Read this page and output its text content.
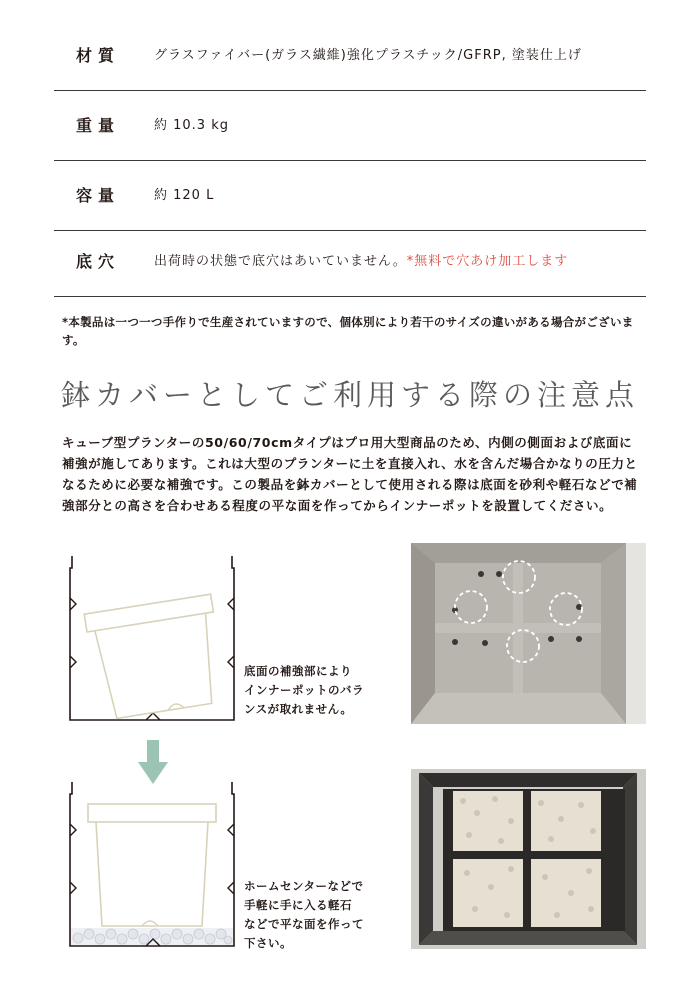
材質	グラスファイバー(ガラス繊維)強化プラスチック/GFRP, 塗装仕上げ
重量	約 10.3 kg
容量	約 120 L
底穴	出荷時の状態で底穴はあいていません。*無料で穴あけ加工します
*本製品は一つ一つ手作りで生産されていますので、個体別により若干のサイズの違いがある場合がございます。
鉢カバーとしてご利用する際の注意点
キューブ型プランターの50/60/70cmタイプはプロ用大型商品のため、内側の側面および底面に補強が施してあります。これは大型のプランターに土を直接入れ、水を含んだ場合かなりの圧力となるために必要な補強です。この製品を鉢カバーとして使用される際は底面を砂利や軽石などで補強部分との高さを合わせある程度の平な面を作ってからインナーポットを設置してください。
底面の補強部により
インナーポットのバラ
ンスが取れません。
ホームセンターなどで
手軽に手に入る軽石
などで平な面を作って
下さい。
